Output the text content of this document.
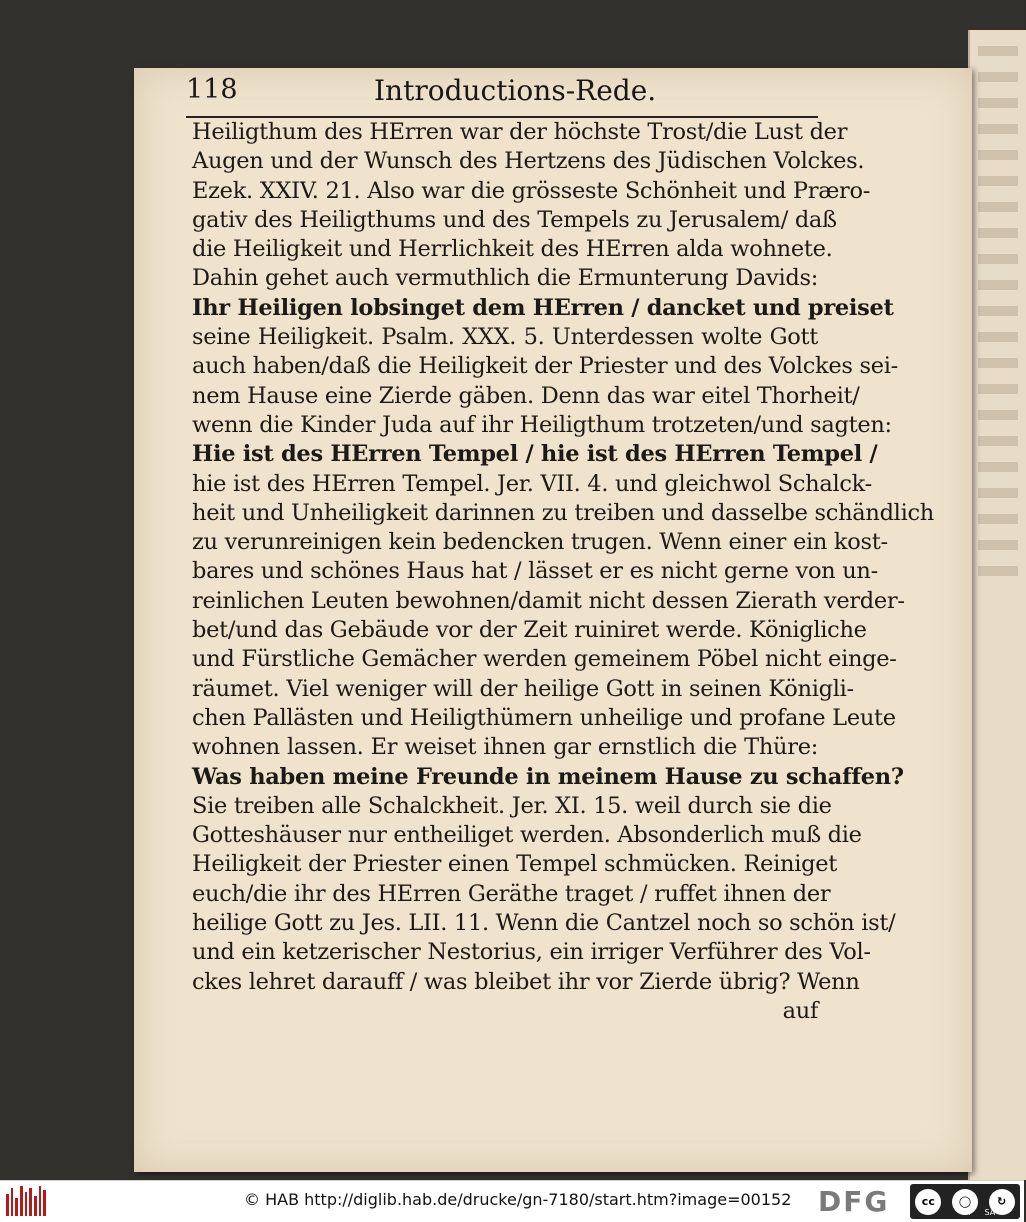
118	Introductions-Rede.
Heiligthum des HErren war der höchste Trost/die Lust der
Augen und der Wunsch des Hertzens des Jüdischen Volckes.
Ezek. XXIV. 21. Also war die grösseste Schönheit und Præro-
gativ des Heiligthums und des Tempels zu Jerusalem/ daß
die Heiligkeit und Herrlichkeit des HErren alda wohnete.
Dahin gehet auch vermuthlich die Ermunterung Davids:
Ihr Heiligen lobsinget dem HErren / dancket und preiset
seine Heiligkeit. Psalm. XXX. 5. Unterdessen wolte Gott
auch haben/daß die Heiligkeit der Priester und des Volckes sei-
nem Hause eine Zierde gäben. Denn das war eitel Thorheit/
wenn die Kinder Juda auf ihr Heiligthum trotzeten/und sagten:
Hie ist des HErren Tempel / hie ist des HErren Tempel /
hie ist des HErren Tempel. Jer. VII. 4. und gleichwol Schalck-
heit und Unheiligkeit darinnen zu treiben und dasselbe schändlich
zu verunreinigen kein bedencken trugen. Wenn einer ein kost-
bares und schönes Haus hat / lässet er es nicht gerne von un-
reinlichen Leuten bewohnen/damit nicht dessen Zierath verder-
bet/und das Gebäude vor der Zeit ruiniret werde. Königliche
und Fürstliche Gemächer werden gemeinem Pöbel nicht einge-
räumet. Viel weniger will der heilige Gott in seinen Königli-
chen Pallästen und Heiligthümern unheilige und profane Leute
wohnen lassen. Er weiset ihnen gar ernstlich die Thüre:
Was haben meine Freunde in meinem Hause zu schaffen?
Sie treiben alle Schalckheit. Jer. XI. 15. weil durch sie die
Gotteshäuser nur entheiliget werden. Absonderlich muß die
Heiligkeit der Priester einen Tempel schmücken. Reiniget
euch/die ihr des HErren Geräthe traget / ruffet ihnen der
heilige Gott zu Jes. LII. 11. Wenn die Cantzel noch so schön ist/
und ein ketzerischer Nestorius, ein irriger Verführer des Vol-
ckes lehret darauff / was bleibet ihr vor Zierde übrig? Wenn
auf
© HAB http://diglib.hab.de/drucke/gn-7180/start.htm?image=00152 DFG	cc	◯	↻
BY SA
